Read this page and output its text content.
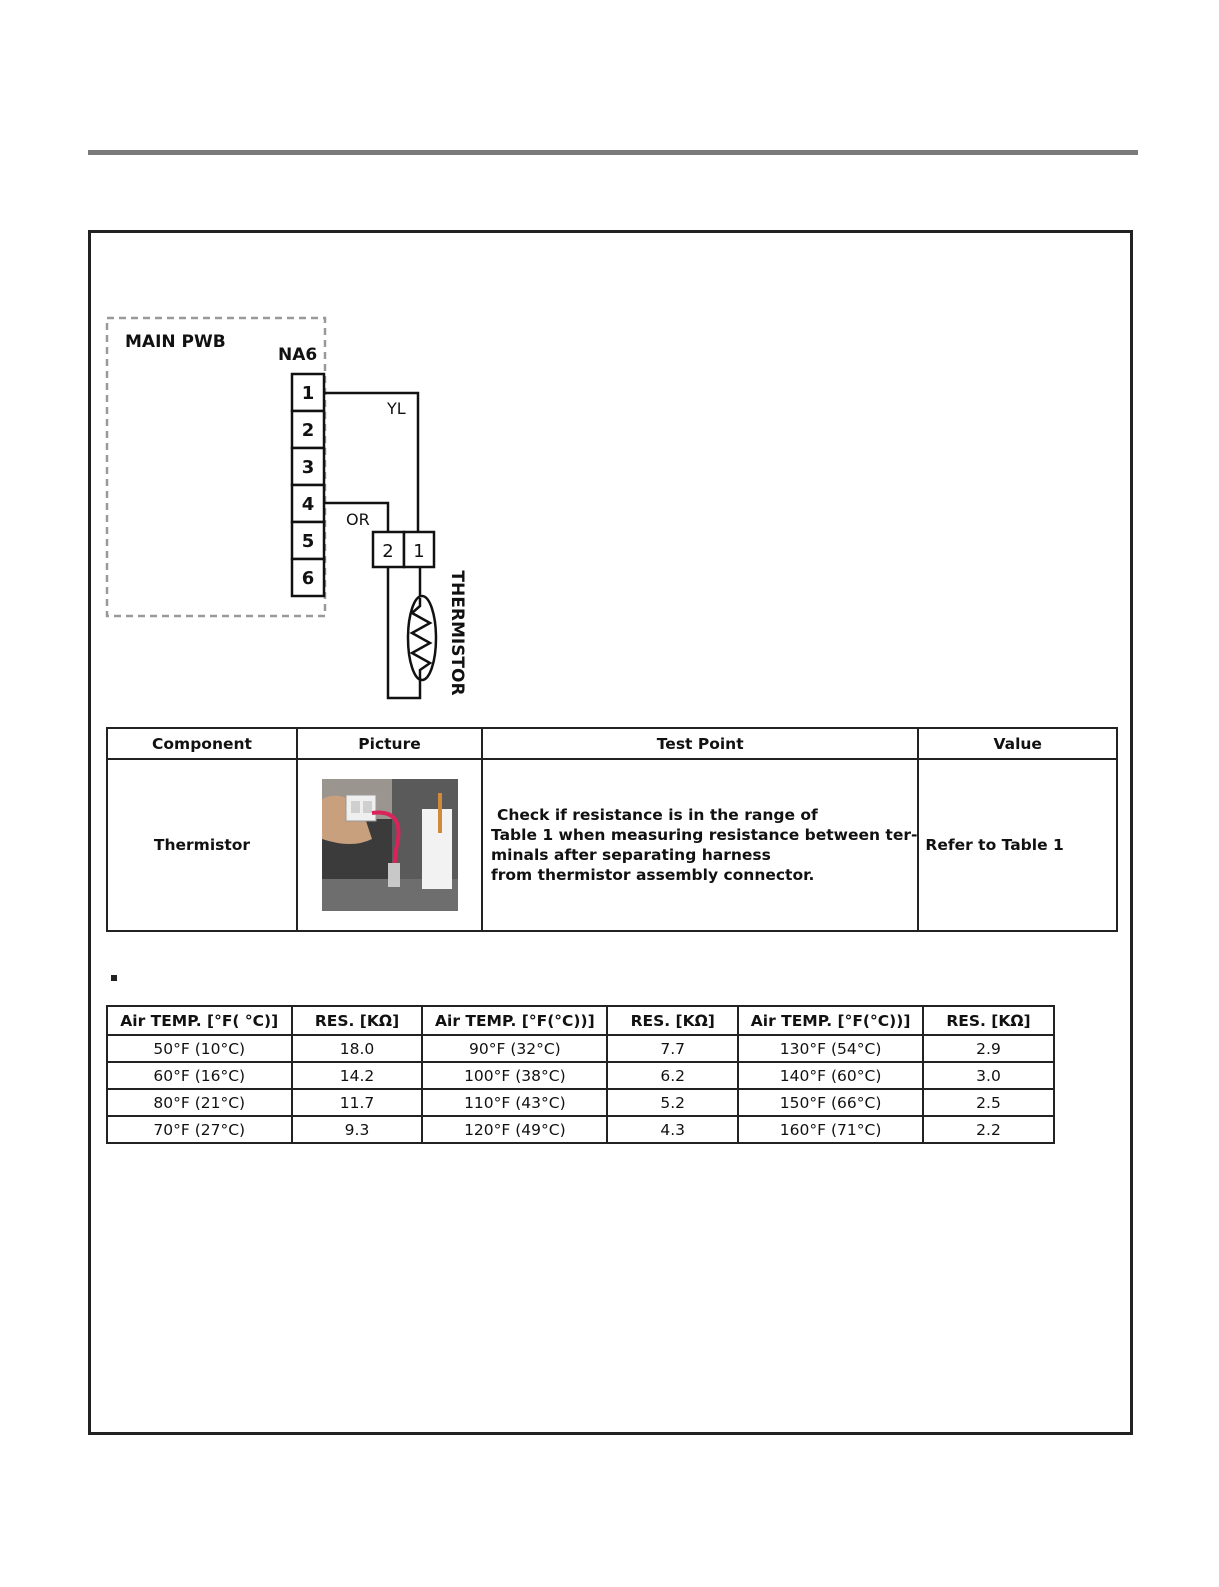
MAIN PWB
NA6
1
2
3
4
5
6
YL
OR
2 1
THERMISTOR
Component	Picture	Test Point	Value
Thermistor		Check if resistance is in the range of
Table 1 when measuring resistance between ter-
minals after separating harness
from thermistor assembly connector.	Refer to Table 1
Air TEMP. [°F( °C)]	RES. [KΩ]	Air TEMP. [°F(°C))]	RES. [KΩ]	Air TEMP. [°F(°C))]	RES. [KΩ]
50°F (10°C)	18.0	90°F (32°C)	7.7	130°F (54°C)	2.9
60°F (16°C)	14.2	100°F (38°C)	6.2	140°F (60°C)	3.0
80°F (21°C)	11.7	110°F (43°C)	5.2	150°F (66°C)	2.5
70°F (27°C)	9.3	120°F (49°C)	4.3	160°F (71°C)	2.2
